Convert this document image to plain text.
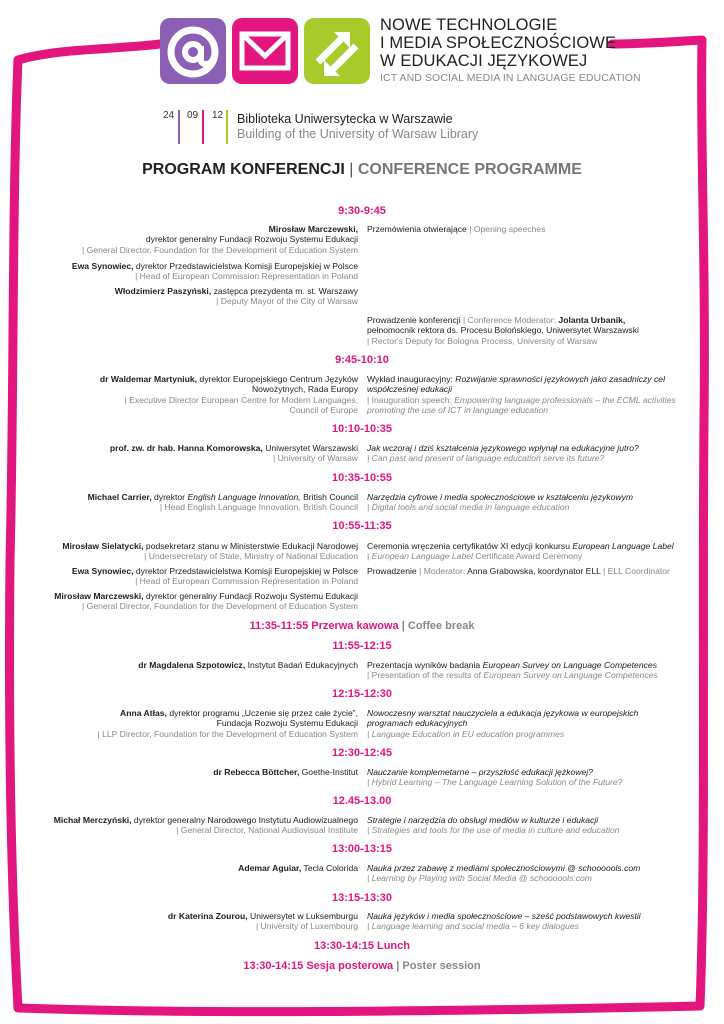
NOWE TECHNOLOGIE
I MEDIA SPOŁECZNOŚCIOWE
W EDUKACJI JĘZYKOWEJ
ICT AND SOCIAL MEDIA IN LANGUAGE EDUCATION
24 09 12 Biblioteka Uniwersytecka w Warszawie
Building of the University of Warsaw Library
PROGRAM KONFERENCJI | CONFERENCE PROGRAMME
9:30-9:45
Mirosław Marczewski,
dyrektor generalny Fundacji Rozwoju Systemu Edukacji
| General Director, Foundation for the Development of Education System
Przemówienia otwierające | Opening speeches
Ewa Synowiec, dyrektor Przedstawicielstwa Komisji Europejskiej w Polsce
| Head of European Commission Representation in Poland
Włodzimierz Paszyński, zastępca prezydenta m. st. Warszawy
| Deputy Mayor of the City of Warsaw
Prowadzenie konferencji | Conference Moderator: Jolanta Urbanik,
pełnomocnik rektora ds. Procesu Bolońskiego, Uniwersytet Warszawski
| Rector's Deputy for Bologna Process, University of Warsaw
9:45-10:10
dr Waldemar Martyniuk, dyrektor Europejskiego Centrum Języków
Nowożytnych, Rada Europy
| Executive Director European Centre for Modern Languages,
Council of Europe
Wykład inauguracyjny: Rozwijanie sprawności językowych jako zasadniczy cel
współczesnej edukacji
| Inauguration speech: Empowering language professionals – the ECML activities
promoting the use of ICT in language education
10:10-10:35
prof. zw. dr hab. Hanna Komorowska, Uniwersytet Warszawski
| University of Warsaw
Jak wczoraj i dziś kształcenia językowego wpłynął na edukacyjne jutro?
| Can past and present of language education serve its future?
10:35-10:55
Michael Carrier, dyrektor English Language Innovation, British Council
| Head English Language Innovation, British Council
Narzędzia cyfrowe i media społecznościowe w kształceniu językowym
| Digital tools and social media in language education
10:55-11:35
Mirosław Sielatycki, podsekretarz stanu w Ministerstwie Edukacji Narodowej
| Undersecretary of State, Ministry of National Education
Ceremonia wręczenia certyfikatów XI edycji konkursu European Language Label
| European Language Label Certificate Award Ceremony
Ewa Synowiec, dyrektor Przedstawicielstwa Komisji Europejskiej w Polsce
| Head of European Commission Representation in Poland
Prowadzenie | Moderator: Anna Grabowska, koordynator ELL | ELL Coordinator
Mirosław Marczewski, dyrektor generalny Fundacji Rozwoju Systemu Edukacji
| General Director, Foundation for the Development of Education System
11:35-11:55 Przerwa kawowa | Coffee break
11:55-12:15
dr Magdalena Szpotowicz, Instytut Badań Edukacyjnych Prezentacja wyników badania European Survey on Language Competences
| Presentation of the results of European Survey on Language Competences
12:15-12:30
Anna Atłas, dyrektor programu „Uczenie się przez całe życie”,
Fundacja Rozwoju Systemu Edukacji
| LLP Director, Foundation for the Development of Education System
Nowoczesny warsztat nauczyciela a edukacja językowa w europejskich
programach edukacyjnych
| Language Education in EU education programmes
12:30-12:45
dr Rebecca Böttcher, Goethe-Institut Nauczanie komplemetarne – przyszłość edukacji jężkowej?
| Hybrid Learning – The Language Learning Solution of the Future?
12.45-13.00
Michał Merczyński, dyrektor generalny Narodowego Instytutu Audiowizualnego
| General Director, National Audiovisual Institute
Strategie i narzędzia do obsługi mediów w kulturze i edukacji
| Strategies and tools for the use of media in culture and education
13:00-13:15
Ademar Aguiar, Tecla Colorida Nauka przez zabawę z mediami społecznościowymi @ schoooools.com
| Learning by Playing with Social Media @ schoooools.com
13:15-13:30
dr Katerina Zourou, Uniwersytet w Luksemburgu
| University of Luxembourg
Nauka języków i media społecznościowe – sześć podstawowych kwestii
| Language learning and social media – 6 key dialogues
13:30-14:15 Lunch
13:30-14:15 Sesja posterowa | Poster session
